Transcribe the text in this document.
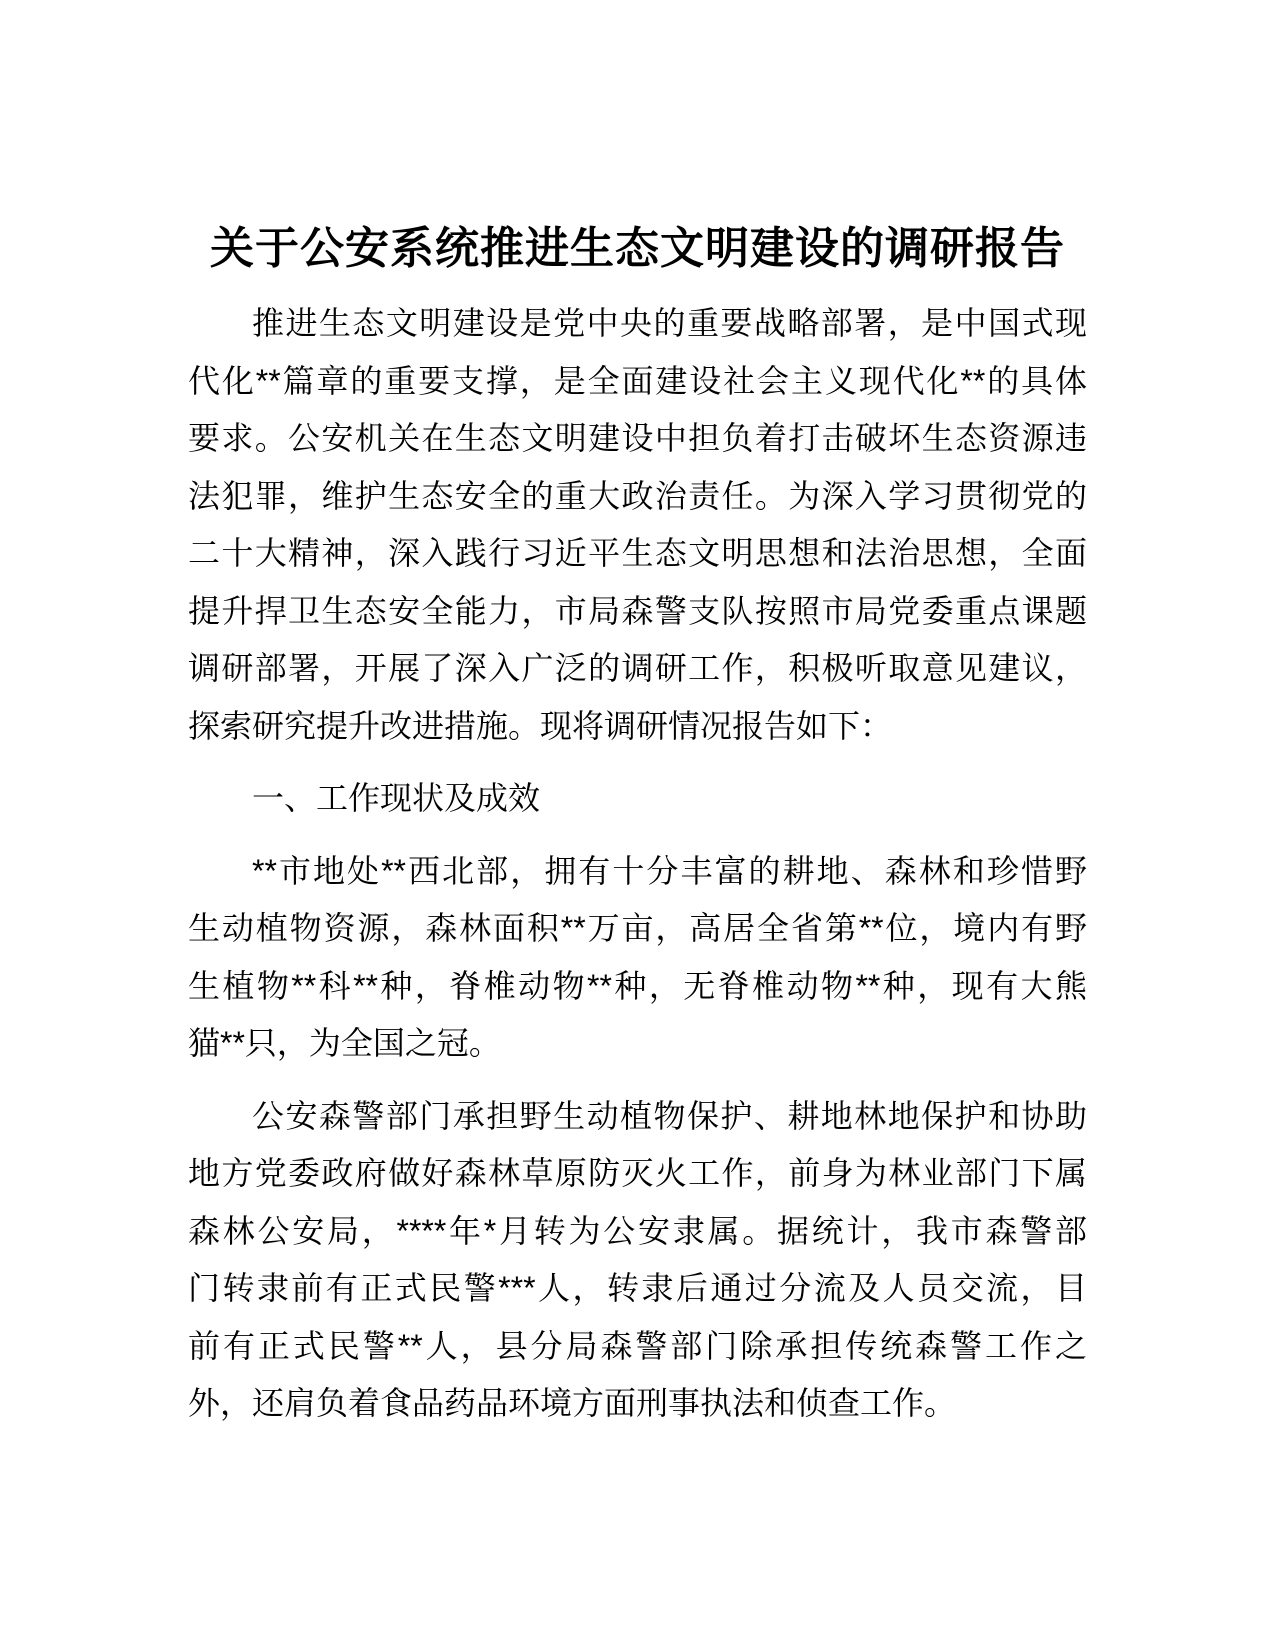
关于公安系统推进生态文明建设的调研报告
推进生态文明建设是党中央的重要战略部署，是中国式现
代化**篇章的重要支撑，是全面建设社会主义现代化**的具体
要求。公安机关在生态文明建设中担负着打击破坏生态资源违
法犯罪，维护生态安全的重大政治责任。为深入学习贯彻党的
二十大精神，深入践行习近平生态文明思想和法治思想，全面
提升捍卫生态安全能力，市局森警支队按照市局党委重点课题
调研部署，开展了深入广泛的调研工作，积极听取意见建议，
探索研究提升改进措施。现将调研情况报告如下：
一、工作现状及成效
**市地处**西北部，拥有十分丰富的耕地、森林和珍惜野
生动植物资源，森林面积**万亩，高居全省第**位，境内有野
生植物**科**种，脊椎动物**种，无脊椎动物**种，现有大熊
猫**只，为全国之冠。
公安森警部门承担野生动植物保护、耕地林地保护和协助
地方党委政府做好森林草原防灭火工作，前身为林业部门下属
森林公安局，****年*月转为公安隶属。据统计，我市森警部
门转隶前有正式民警***人，转隶后通过分流及人员交流，目
前有正式民警**人，县分局森警部门除承担传统森警工作之
外，还肩负着食品药品环境方面刑事执法和侦查工作。
